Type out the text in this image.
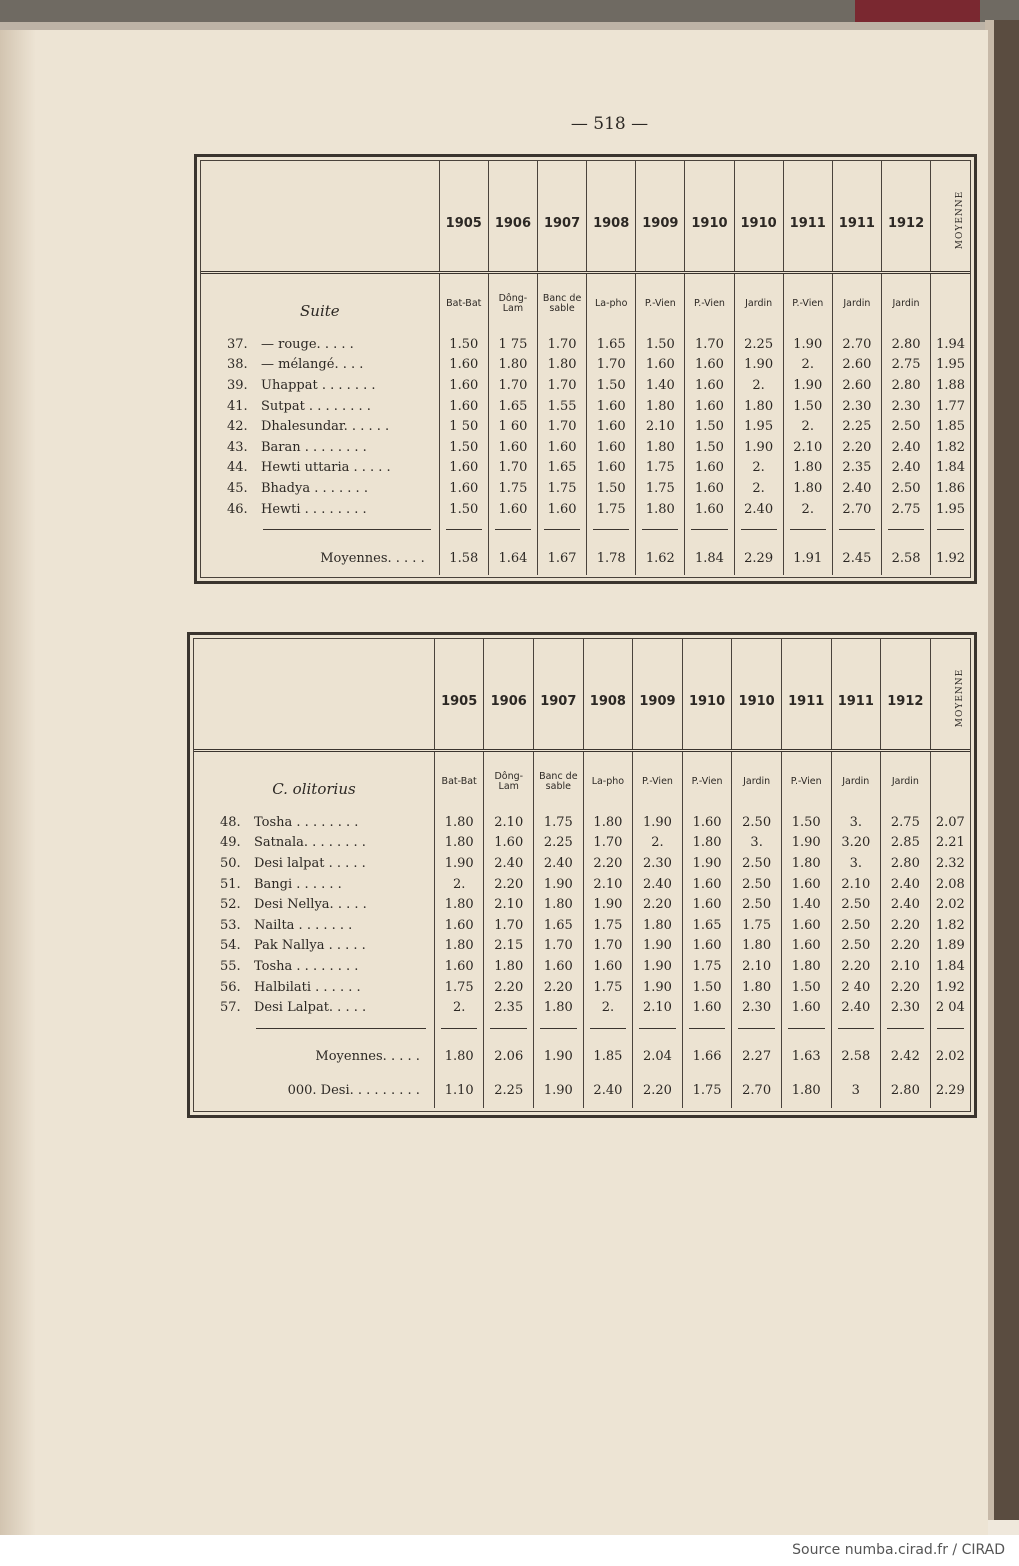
— 518 —
	1905	1906	1907	1908	1909	1910	1910	1911	1911	1912	MOYENNE
Suite	Bat-Bat	Dông-Lam	Banc de sable	La-pho	P.-Vien	P.-Vien	Jardin	P.-Vien	Jardin	Jardin	
37. — rouge. . . . .	1.50	1 75	1.70	1.65	1.50	1.70	2.25	1.90	2.70	2.80	1.94
38. — mélangé. . . .	1.60	1.80	1.80	1.70	1.60	1.60	1.90	2.	2.60	2.75	1.95
39. Uhappat . . . . . . .	1.60	1.70	1.70	1.50	1.40	1.60	2.	1.90	2.60	2.80	1.88
41. Sutpat . . . . . . . .	1.60	1.65	1.55	1.60	1.80	1.60	1.80	1.50	2.30	2.30	1.77
42. Dhalesundar. . . . . .	1 50	1 60	1.70	1.60	2.10	1.50	1.95	2.	2.25	2.50	1.85
43. Baran . . . . . . . .	1.50	1.60	1.60	1.60	1.80	1.50	1.90	2.10	2.20	2.40	1.82
44. Hewti uttaria . . . . .	1.60	1.70	1.65	1.60	1.75	1.60	2.	1.80	2.35	2.40	1.84
45. Bhadya . . . . . . .	1.60	1.75	1.75	1.50	1.75	1.60	2.	1.80	2.40	2.50	1.86
46. Hewti . . . . . . . .	1.50	1.60	1.60	1.75	1.80	1.60	2.40	2.	2.70	2.75	1.95

Moyennes. . . . .	1.58	1.64	1.67	1.78	1.62	1.84	2.29	1.91	2.45	2.58	1.92

	1905	1906	1907	1908	1909	1910	1910	1911	1911	1912	MOYENNE
C. olitorius	Bat-Bat	Dông-Lam	Banc de sable	La-pho	P.-Vien	P.-Vien	Jardin	P.-Vien	Jardin	Jardin	
48. Tosha . . . . . . . .	1.80	2.10	1.75	1.80	1.90	1.60	2.50	1.50	3.	2.75	2.07
49. Satnala. . . . . . . .	1.80	1.60	2.25	1.70	2.	1.80	3.	1.90	3.20	2.85	2.21
50. Desi lalpat . . . . .	1.90	2.40	2.40	2.20	2.30	1.90	2.50	1.80	3.	2.80	2.32
51. Bangi . . . . . .	2.	2.20	1.90	2.10	2.40	1.60	2.50	1.60	2.10	2.40	2.08
52. Desi Nellya. . . . .	1.80	2.10	1.80	1.90	2.20	1.60	2.50	1.40	2.50	2.40	2.02
53. Nailta . . . . . . .	1.60	1.70	1.65	1.75	1.80	1.65	1.75	1.60	2.50	2.20	1.82
54. Pak Nallya . . . . .	1.80	2.15	1.70	1.70	1.90	1.60	1.80	1.60	2.50	2.20	1.89
55. Tosha . . . . . . . .	1.60	1.80	1.60	1.60	1.90	1.75	2.10	1.80	2.20	2.10	1.84
56. Halbilati . . . . . .	1.75	2.20	2.20	1.75	1.90	1.50	1.80	1.50	2 40	2.20	1.92
57. Desi Lalpat. . . . .	2.	2.35	1.80	2.	2.10	1.60	2.30	1.60	2.40	2.30	2 04

Moyennes. . . . .	1.80	2.06	1.90	1.85	2.04	1.66	2.27	1.63	2.58	2.42	2.02
000. Desi. . . . . . . . .	1.10	2.25	1.90	2.40	2.20	1.75	2.70	1.80	3	2.80	2.29

Source numba.cirad.fr / CIRAD
